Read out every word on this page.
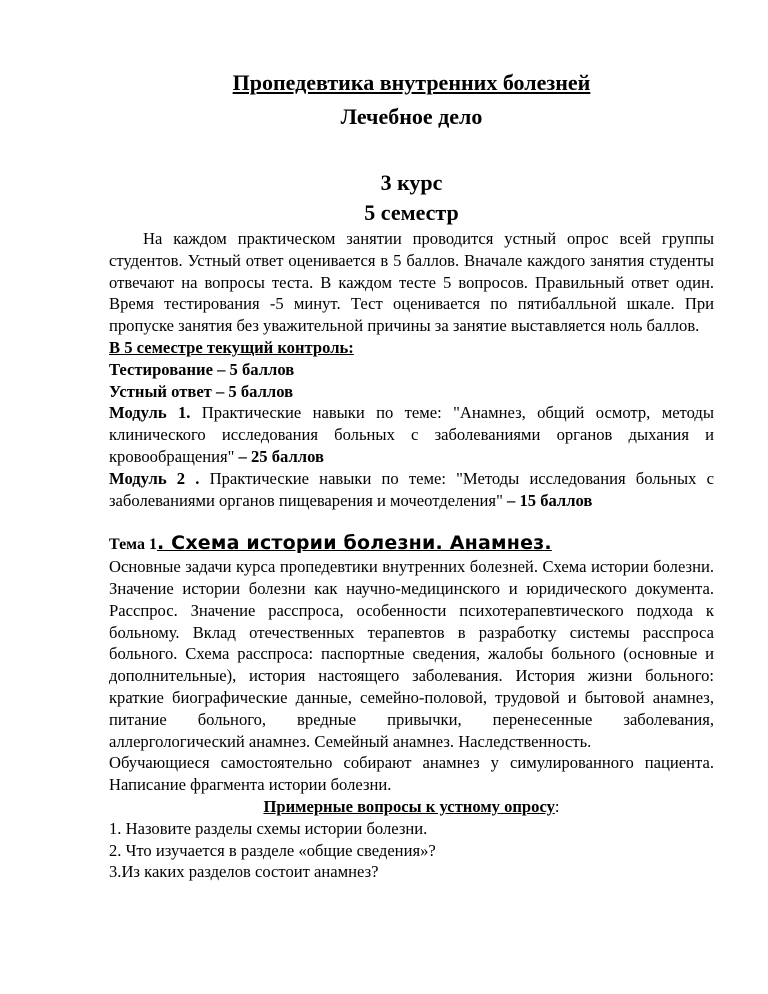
Пропедевтика внутренних болезней
Лечебное дело
3 курс
5 семестр

На каждом практическом занятии проводится устный опрос всей группы студентов. Устный ответ оценивается в 5 баллов. Вначале каждого занятия студенты отвечают на вопросы теста. В каждом тесте 5 вопросов. Правильный ответ один. Время тестирования -5 минут. Тест оценивается по пятибалльной шкале. При пропуске занятия без уважительной причины за занятие выставляется ноль баллов.

В 5 семестре текущий контроль:

Тестирование – 5 баллов

Устный ответ – 5 баллов

Модуль 1. Практические навыки по теме: "Анамнез, общий осмотр, методы клинического исследования больных с заболеваниями органов дыхания и кровообращения" – 25 баллов

Модуль 2 . Практические навыки по теме: "Методы исследования больных с заболеваниями органов пищеварения и мочеотделения" – 15 баллов

Тема 1. Схема истории болезни. Анамнез.

Основные задачи курса пропедевтики внутренних болезней. Схема истории болезни. Значение истории болезни как научно-медицинского и юридического документа. Расспрос. Значение расспроса, особенности психотерапевтического подхода к больному. Вклад отечественных терапевтов в разработку системы расспроса больного. Схема расспроса: паспортные сведения, жалобы больного (основные и дополнительные), история настоящего заболевания. История жизни больного: краткие биографические данные, семейно-половой, трудовой и бытовой анамнез, питание больного, вредные привычки, перенесенные заболевания, аллергологический анамнез. Семейный анамнез. Наследственность.

Обучающиеся самостоятельно собирают анамнез у симулированного пациента. Написание фрагмента истории болезни.

Примерные вопросы к устному опросу:

1. Назовите разделы схемы истории болезни.

2. Что изучается в разделе «общие сведения»?

3.Из каких разделов состоит анамнез?
